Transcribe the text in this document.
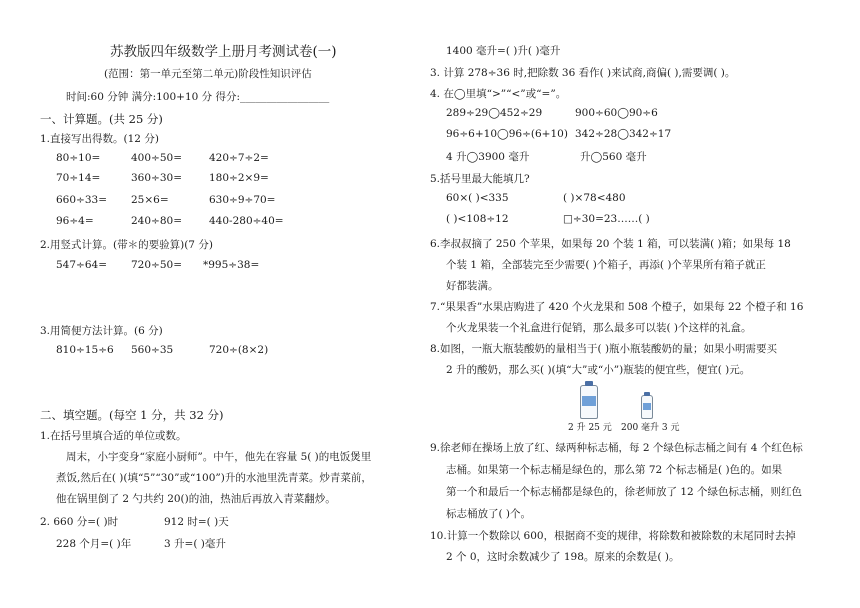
苏教版四年级数学上册月考测试卷(一)
(范围：第一单元至第二单元)阶段性知识评估
时间:60 分钟 满分:100+10 分 得分:_________________
一、计算题。(共 25 分)
1.直接写出得数。(12 分)
80÷10=	400÷50=	420÷7÷2=
70÷14=	360÷30=	180÷2×9=
660÷33= 25×6=	630÷9÷70=
96÷4=	240÷80=	440-280÷40=
2.用竖式计算。(带＊的要验算)(7 分)
547÷64= 720÷50= *995÷38=
3.用简便方法计算。(6 分)
810÷15÷6 560÷35	720÷(8×2)
二、填空题。(每空 1 分，共 32 分)
1.在括号里填合适的单位或数。
周末，小宇变身“家庭小厨师”。中午，他先在容量 5( )的电饭煲里
煮饭,然后在( )(填“5”“30”或“100”)升的水池里洗青菜。炒青菜前，
他在锅里倒了 2 勺共约 20()的油，热油后再放入青菜翻炒。
2. 660 分=( )时	912 时=( )天
228 个月=( )年	3 升=( )毫升
1400 毫升=( )升( )毫升
3. 计算 278÷36 时,把除数 36 看作( )来试商,商偏( ),需要调( )。
4. 在◯里填“>”“<”或“=”。
289÷29◯452÷29	900÷60◯90÷6
96÷6+10◯96÷(6+10) 342÷28◯342÷17
4 升◯3900 毫升	升◯560 毫升
5.括号里最大能填几?
60×( )<335	( )×78<480
( )<108÷12	□÷30=23……( )
6.李叔叔摘了 250 个苹果，如果每 20 个装 1 箱，可以装满( )箱；如果每 18
个装 1 箱，全部装完至少需要( )个箱子，再添( )个苹果所有箱子就正
好都装满。
7.“果果香”水果店购进了 420 个火龙果和 508 个橙子，如果每 22 个橙子和 16
个火龙果装一个礼盒进行促销，那么最多可以装( )个这样的礼盒。
8.如图，一瓶大瓶装酸奶的量相当于( )瓶小瓶装酸奶的量；如果小明需要买
2 升的酸奶，那么买( )(填“大”或“小”)瓶装的便宜些，便宜( )元。
2 升 25 元 200 毫升 3 元
9.徐老师在操场上放了红、绿两种标志桶，每 2 个绿色标志桶之间有 4 个红色标
志桶。如果第一个标志桶是绿色的，那么第 72 个标志桶是( )色的。如果
第一个和最后一个标志桶都是绿色的，徐老师放了 12 个绿色标志桶，则红色
标志桶放了( )个。
10.计算一个数除以 600，根据商不变的规律，将除数和被除数的末尾同时去掉
2 个 0，这时余数减少了 198。原来的余数是( )。
